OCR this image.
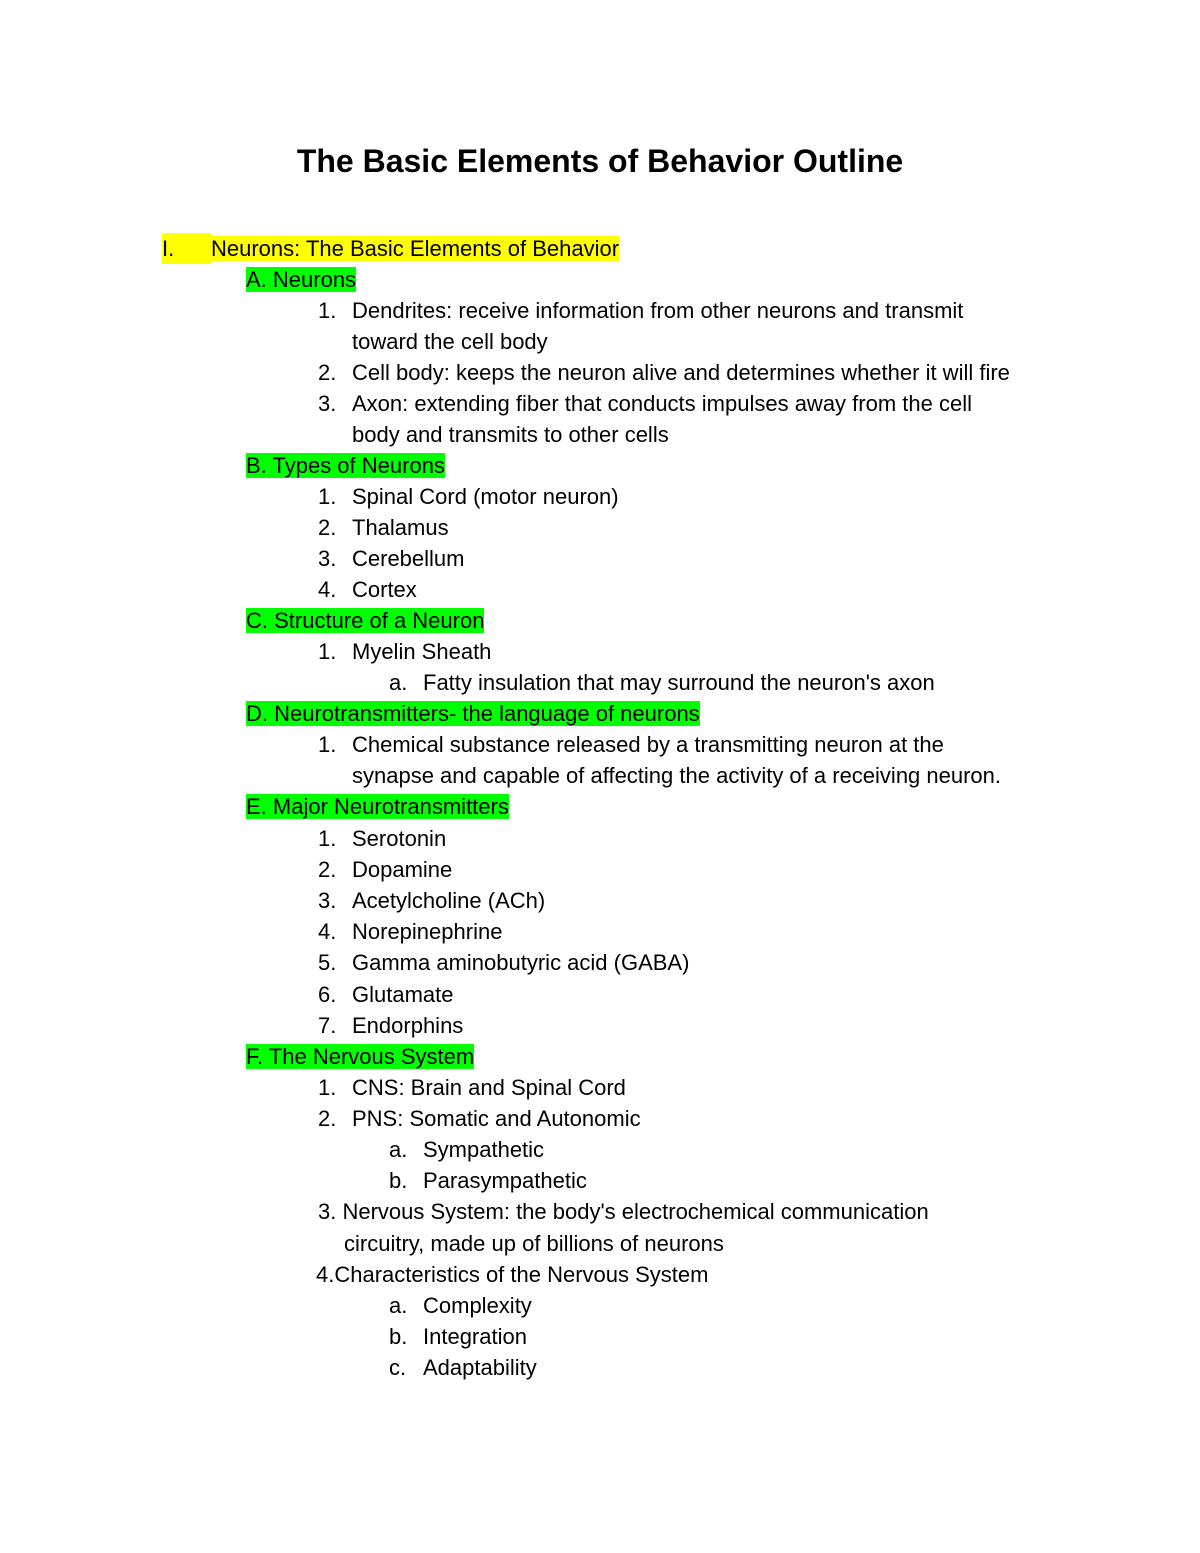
The Basic Elements of Behavior Outline
I. Neurons: The Basic Elements of Behavior
A. Neurons
1. Dendrites: receive information from other neurons and transmit
toward the cell body
2. Cell body: keeps the neuron alive and determines whether it will fire
3. Axon: extending fiber that conducts impulses away from the cell
body and transmits to other cells
B. Types of Neurons
1. Spinal Cord (motor neuron)
2. Thalamus
3. Cerebellum
4. Cortex
C. Structure of a Neuron
1. Myelin Sheath
a. Fatty insulation that may surround the neuron's axon
D. Neurotransmitters- the language of neurons
1. Chemical substance released by a transmitting neuron at the
synapse and capable of affecting the activity of a receiving neuron.
E. Major Neurotransmitters
1. Serotonin
2. Dopamine
3. Acetylcholine (ACh)
4. Norepinephrine
5. Gamma aminobutyric acid (GABA)
6. Glutamate
7. Endorphins
F. The Nervous System
1. CNS: Brain and Spinal Cord
2. PNS: Somatic and Autonomic
a. Sympathetic
b. Parasympathetic
3. Nervous System: the body's electrochemical communication
circuitry, made up of billions of neurons
4.Characteristics of the Nervous System
a. Complexity
b. Integration
c. Adaptability
